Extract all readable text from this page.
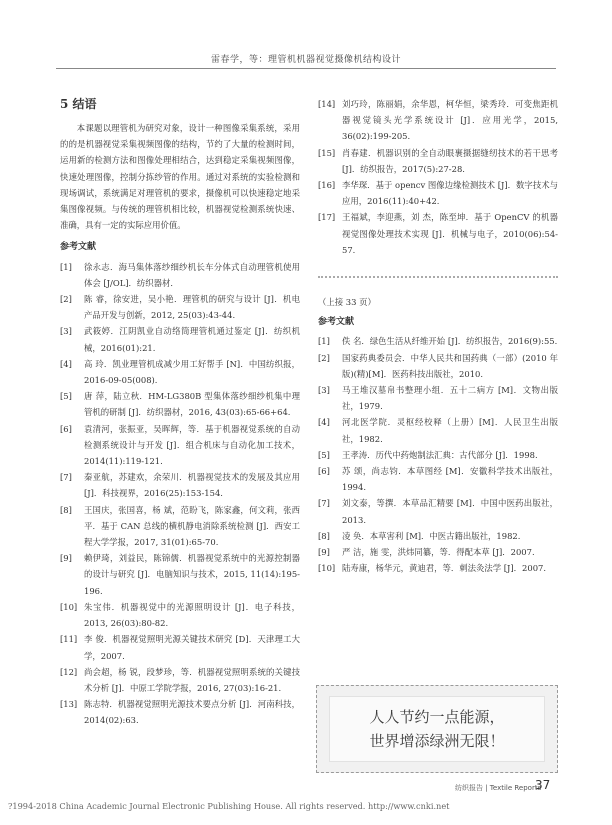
雷春学，等：理管机机器视觉摄像机结构设计
5 结语

本课题以理管机为研究对象，设计一种图像采集系统，采用的的是机器视觉采集视频图像的结构，节约了大量的检测时间，运用新的检测方法和图像处理相结合，达到稳定采集视频图像，快速处理图像，控制分拣纱管的作用。通过对系统的实验检测和现场调试，系统满足对理管机的要求，摄像机可以快速稳定地采集图像视频。与传统的理管机相比较，机器视觉检测系统快速、准确，具有一定的实际应用价值。

参考文献
[1]	徐永志．海马集体落纱细纱机长车分体式自动理管机使用体会 [J/OL]．纺织器材．
[2]	陈 睿，徐安进，吴小艳．理管机的研究与设计 [J]．机电产品开发与创新，2012, 25(03):43-44.
[3]	武筱婷．江阴凯业自动络筒理管机通过鉴定 [J]．纺织机械，2016(01):21.
[4]	高 玲．凯业理管机成减少用工好帮手 [N]．中国纺织报，2016-09-05(008).
[5]	唐 萍，陆立秋．HM-LG380B 型集体落纱细纱机集中理管机的研制 [J]．纺织器材，2016, 43(03):65-66+64.
[6]	袁清河，张振亚，吴晖辉，等．基于机器视觉系统的自动检测系统设计与开发 [J]．组合机床与自动化加工技术，2014(11):119-121.
[7]	秦亚航，苏建欢，余荣川．机器视觉技术的发展及其应用 [J]．科技视界，2016(25):153-154.
[8]	王国庆，张国喜，杨 斌，范盼飞，陈家鑫，何文莉，张西平．基于 CAN 总线的横机静电消除系统检测 [J]．西安工程大学学报，2017, 31(01):65-70.
[9]	赖伊琦，刘益民，陈锦儒．机器视觉系统中的光源控制器的设计与研究 [J]．电脑知识与技术，2015, 11(14):195-196.
[10] 朱宝伟．机器视觉中的光源照明设计 [J]．电子科技，2013, 26(03):80-82.
[11] 李 俊．机器视觉照明光源关键技术研究 [D]．天津理工大学，2007.
[12] 尚会超，杨 锐，段梦珍，等．机器视觉照明系统的关键技术分析 [J]．中原工学院学报，2016, 27(03):16-21.
[13] 陈志特．机器视觉照明光源技术要点分析 [J]．河南科技，2014(02):63.
[14] 刘巧玲，陈丽娟，余华恩，柯华恒，梁秀玲．可变焦距机器视觉镜头光学系统设计 [J]．应用光学，2015, 36(02):199-205.
[15] 肖春建．机器识别的全自动眼裹摄据缝纫技术的若干思考 [J]．纺织报告，2017(5):27-28.
[16] 李华琛．基于 opencv 图像边缘检测技术 [J]．数字技术与应用，2016(11):40+42.
[17] 王福斌，李迎燕，刘 杰，陈至坤．基于 OpenCV 的机器视觉图像处理技术实现 [J]．机械与电子，2010(06):54-57.
（上接 33 页）
参考文献
[1]	佚 名．绿色生活从纤维开始 [J]．纺织报告，2016(9):55.
[2]	国家药典委员会．中华人民共和国药典（一部）(2010 年版)(精)[M]．医药科技出版社，2010.
[3]	马王堆汉墓帛书整理小组．五十二病方 [M]．文物出版社，1979.
[4]	河北医学院．灵枢经校释（上册）[M]．人民卫生出版社，1982.
[5]	王孝涛．历代中药炮制法汇典：古代部分 [J]．1998.
[6]	苏 颂，尚志钧．本草图经 [M]．安徽科学技术出版社，1994.
[7]	刘文泰，等撰．本草品汇精要 [M]．中国中医药出版社，2013.
[8]	凌 奂．本草害利 [M]．中医古籍出版社，1982.
[9]	严 洁，施 雯，洪炜同纂，等．得配本草 [J]．2007.
[10] 陆寿康，杨华元，黄迪君，等．刺法灸法学 [J]．2007.
人人节约一点能源，
世界增添绿洲无限！
纺织报告 | Textile Reports
37
?1994-2018 China Academic Journal Electronic Publishing House. All rights reserved. http://www.cnki.net
